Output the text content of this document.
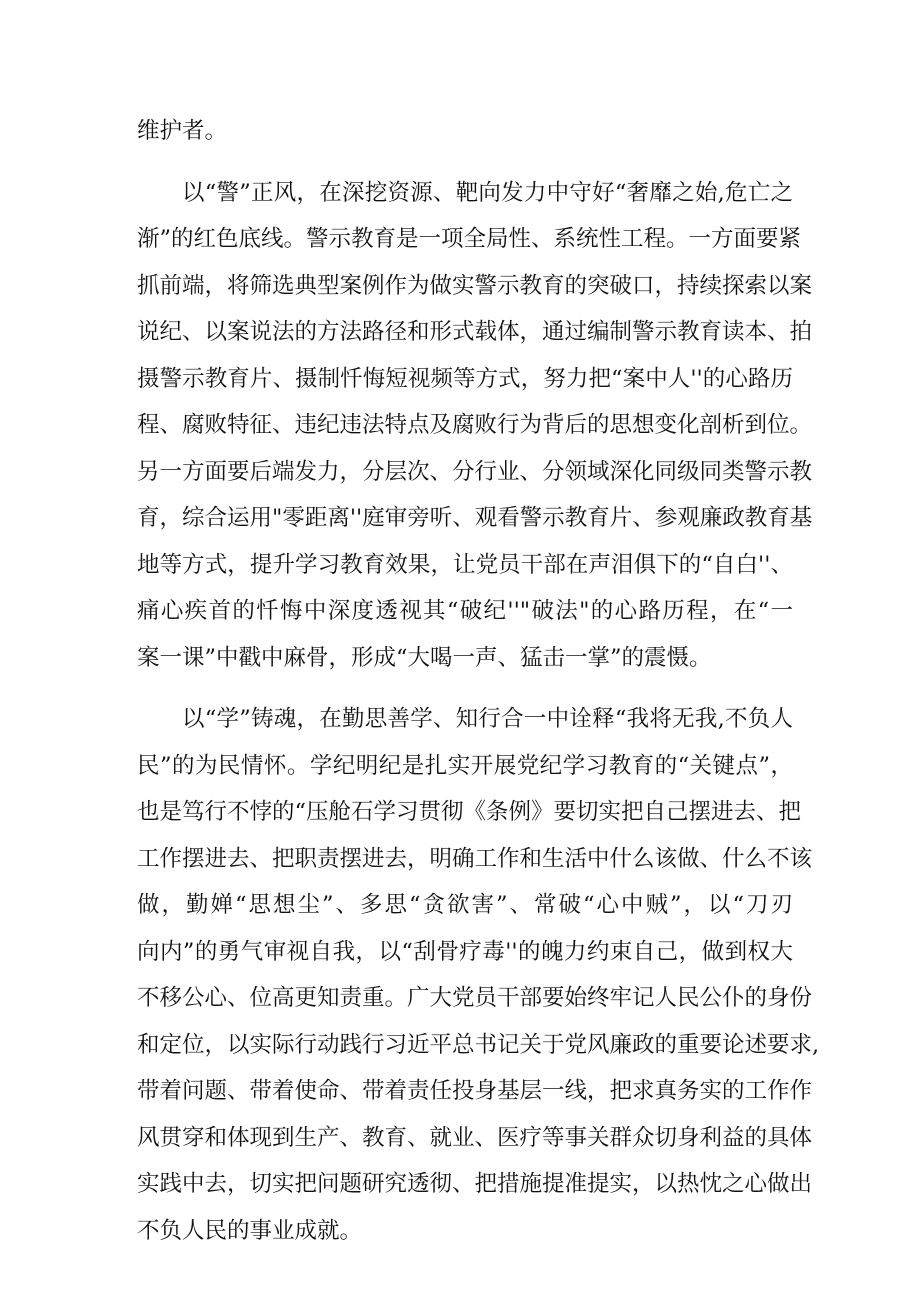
维护者。
以“警”正风，在深挖资源、靶向发力中守好“奢靡之始,危亡之
渐”的红色底线。警示教育是一项全局性、系统性工程。一方面要紧
抓前端，将筛选典型案例作为做实警示教育的突破口，持续探索以案
说纪、以案说法的方法路径和形式载体，通过编制警示教育读本、拍
摄警示教育片、摄制忏悔短视频等方式，努力把“案中人''的心路历
程、腐败特征、违纪违法特点及腐败行为背后的思想变化剖析到位。
另一方面要后端发力，分层次、分行业、分领域深化同级同类警示教
育，综合运用"零距离''庭审旁听、观看警示教育片、参观廉政教育基
地等方式，提升学习教育效果，让党员干部在声泪俱下的“自白''、
痛心疾首的忏悔中深度透视其“破纪''"破法"的心路历程，在“一
案一课”中戳中麻骨，形成“大喝一声、猛击一掌”的震慑。
以“学”铸魂，在勤思善学、知行合一中诠释“我将无我,不负人
民”的为民情怀。学纪明纪是扎实开展党纪学习教育的“关键点”，
也是笃行不悖的“压舱石学习贯彻《条例》要切实把自己摆进去、把
工作摆进去、把职责摆进去，明确工作和生活中什么该做、什么不该
做，勤婵“思想尘”、多思“贪欲害”、常破“心中贼”，以“刀刃
向内”的勇气审视自我，以“刮骨疗毒''的魄力约束自己，做到权大
不移公心、位高更知责重。广大党员干部要始终牢记人民公仆的身份
和定位，以实际行动践行习近平总书记关于党风廉政的重要论述要求,
带着问题、带着使命、带着责任投身基层一线，把求真务实的工作作
风贯穿和体现到生产、教育、就业、医疗等事关群众切身利益的具体
实践中去，切实把问题研究透彻、把措施提准提实，以热忱之心做出
不负人民的事业成就。
